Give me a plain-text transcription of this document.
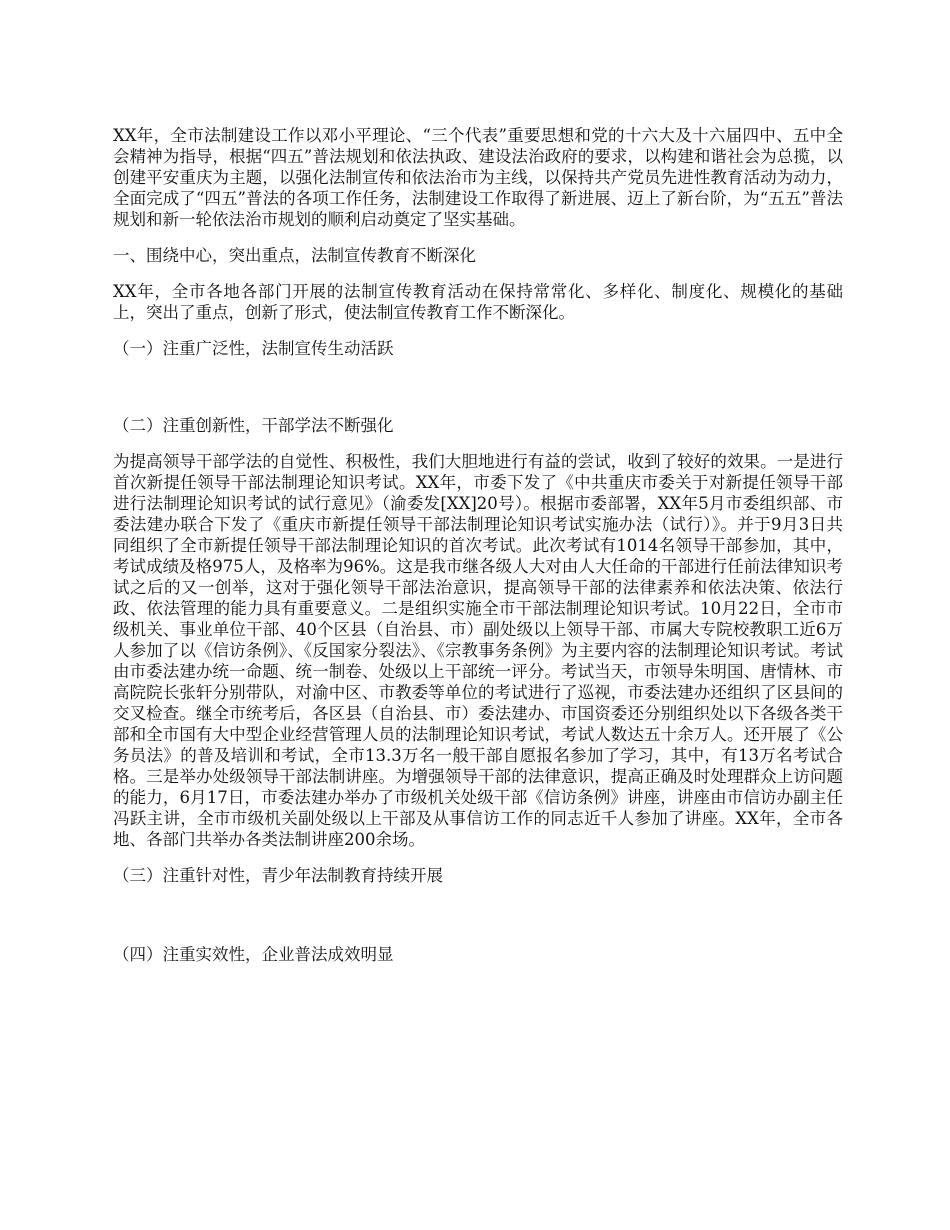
XX年，全市法制建设工作以邓小平理论、“三个代表”重要思想和党的十六大及十六届四中、五中全会精神为指导，根据“四五”普法规划和依法执政、建设法治政府的要求，以构建和谐社会为总揽，以创建平安重庆为主题，以强化法制宣传和依法治市为主线，以保持共产党员先进性教育活动为动力，全面完成了“四五”普法的各项工作任务，法制建设工作取得了新进展、迈上了新台阶，为“五五”普法规划和新一轮依法治市规划的顺利启动奠定了坚实基础。

一、围绕中心，突出重点，法制宣传教育不断深化

XX年，全市各地各部门开展的法制宣传教育活动在保持常常化、多样化、制度化、规模化的基础上，突出了重点，创新了形式，使法制宣传教育工作不断深化。

（一）注重广泛性，法制宣传生动活跃

（二）注重创新性，干部学法不断强化

为提高领导干部学法的自觉性、积极性，我们大胆地进行有益的尝试，收到了较好的效果。一是进行首次新提任领导干部法制理论知识考试。XX年，市委下发了《中共重庆市委关于对新提任领导干部进行法制理论知识考试的试行意见》（渝委发[XX]20号）。根据市委部署，XX年5月市委组织部、市委法建办联合下发了《重庆市新提任领导干部法制理论知识考试实施办法（试行）》。并于9月3日共同组织了全市新提任领导干部法制理论知识的首次考试。此次考试有1014名领导干部参加，其中，考试成绩及格975人，及格率为96%。这是我市继各级人大对由人大任命的干部进行任前法律知识考试之后的又一创举，这对于强化领导干部法治意识，提高领导干部的法律素养和依法决策、依法行政、依法管理的能力具有重要意义。二是组织实施全市干部法制理论知识考试。10月22日，全市市级机关、事业单位干部、40个区县（自治县、市）副处级以上领导干部、市属大专院校教职工近6万人参加了以《信访条例》、《反国家分裂法》、《宗教事务条例》为主要内容的法制理论知识考试。考试由市委法建办统一命题、统一制卷、处级以上干部统一评分。考试当天，市领导朱明国、唐情林、市高院院长张轩分别带队，对渝中区、市教委等单位的考试进行了巡视，市委法建办还组织了区县间的交叉检查。继全市统考后，各区县（自治县、市）委法建办、市国资委还分别组织处以下各级各类干部和全市国有大中型企业经营管理人员的法制理论知识考试，考试人数达五十余万人。还开展了《公务员法》的普及培训和考试，全市13.3万名一般干部自愿报名参加了学习，其中，有13万名考试合格。三是举办处级领导干部法制讲座。为增强领导干部的法律意识，提高正确及时处理群众上访问题的能力，6月17日，市委法建办举办了市级机关处级干部《信访条例》讲座，讲座由市信访办副主任冯跃主讲，全市市级机关副处级以上干部及从事信访工作的同志近千人参加了讲座。XX年，全市各地、各部门共举办各类法制讲座200余场。

（三）注重针对性，青少年法制教育持续开展

（四）注重实效性，企业普法成效明显
